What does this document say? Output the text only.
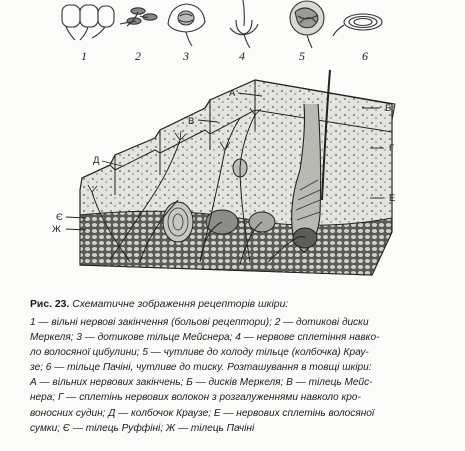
1	2	3	4	5	6
А
Б
В
Г
Д
Е
Є
Ж
Рис. 23. Схематичне зображення рецепторів шкіри:
1 — вільні нервові закінчення (больові рецептори); 2 — дотикові диски
Меркеля; 3 — дотикове тільце Мейснера; 4 — нервове сплетіння навко-
ло волосяної цибулини; 5 — чутливе до холоду тільце (колбочка) Крау-
зе; 6 — тільце Пачіні, чутливе до тиску. Розташування в товщі шкіри:
А — вільних нервових закінчень; Б — дисків Меркеля; В — тілець Мейс-
нера; Г — сплетінь нервових волокон з розгалуженнями навколо кро-
воносних судин; Д — колбочок Краузе; Е — нервових сплетінь волосяної
сумки; Є — тілець Руффіні; Ж — тілець Пачіні
